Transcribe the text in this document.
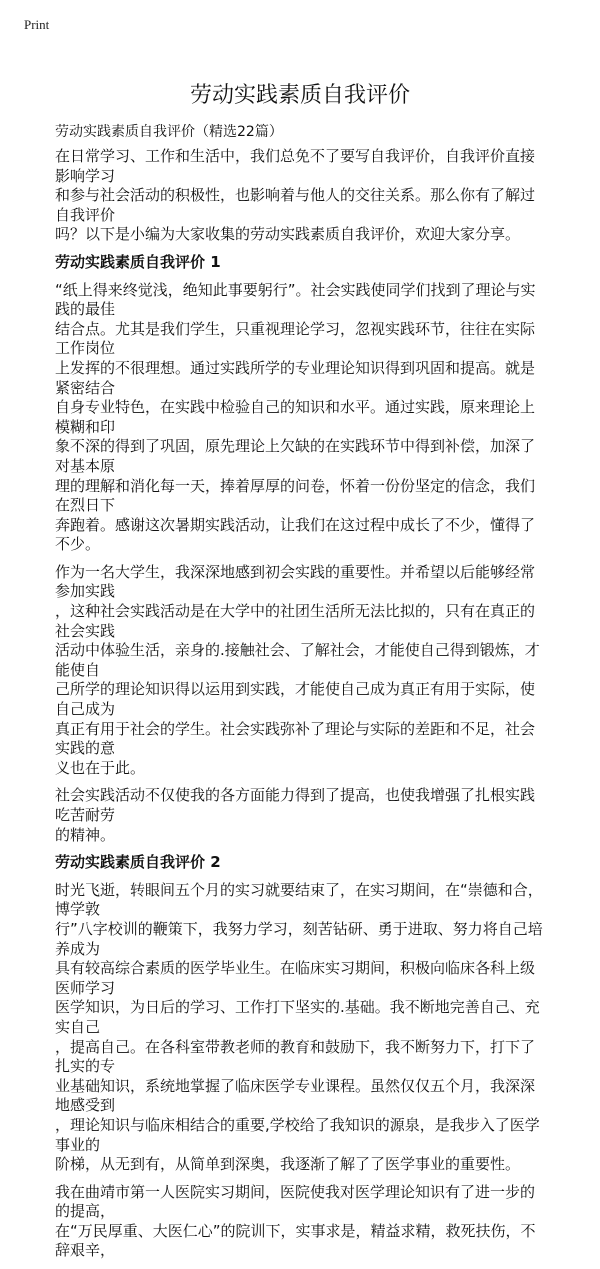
Print
劳动实践素质自我评价
劳动实践素质自我评价（精选22篇）
在日常学习、工作和生活中，我们总免不了要写自我评价，自我评价直接影响学习
和参与社会活动的积极性，也影响着与他人的交往关系。那么你有了解过自我评价
吗？以下是小编为大家收集的劳动实践素质自我评价，欢迎大家分享。
劳动实践素质自我评价 1
“纸上得来终觉浅，绝知此事要躬行”。社会实践使同学们找到了理论与实践的最佳
结合点。尤其是我们学生，只重视理论学习，忽视实践环节，往往在实际工作岗位
上发挥的不很理想。通过实践所学的专业理论知识得到巩固和提高。就是紧密结合
自身专业特色，在实践中检验自己的知识和水平。通过实践，原来理论上模糊和印
象不深的得到了巩固，原先理论上欠缺的在实践环节中得到补偿，加深了对基本原
理的理解和消化每一天，捧着厚厚的问卷，怀着一份份坚定的信念，我们在烈日下
奔跑着。感谢这次暑期实践活动，让我们在这过程中成长了不少，懂得了不少。
作为一名大学生，我深深地感到初会实践的重要性。并希望以后能够经常参加实践
，这种社会实践活动是在大学中的社团生活所无法比拟的，只有在真正的社会实践
活动中体验生活，亲身的.接触社会、了解社会，才能使自己得到锻炼，才能使自
己所学的理论知识得以运用到实践，才能使自己成为真正有用于实际，使自己成为
真正有用于社会的学生。社会实践弥补了理论与实际的差距和不足，社会实践的意
义也在于此。
社会实践活动不仅使我的各方面能力得到了提高，也使我增强了扎根实践吃苦耐劳
的精神。
劳动实践素质自我评价 2
时光飞逝，转眼间五个月的实习就要结束了，在实习期间，在“崇德和合，博学敦
行”八字校训的鞭策下，我努力学习，刻苦钻研、勇于进取、努力将自己培养成为
具有较高综合素质的医学毕业生。在临床实习期间，积极向临床各科上级医师学习
医学知识，为日后的学习、工作打下坚实的.基础。我不断地完善自己、充实自己
，提高自己。在各科室带教老师的教育和鼓励下，我不断努力下，打下了扎实的专
业基础知识，系统地掌握了临床医学专业课程。虽然仅仅五个月，我深深地感受到
，理论知识与临床相结合的重要,学校给了我知识的源泉，是我步入了医学事业的
阶梯，从无到有，从简单到深奥，我逐渐了解了了医学事业的重要性。
我在曲靖市第一人医院实习期间，医院使我对医学理论知识有了进一步的的提高，
在“万民厚重、大医仁心”的院训下，实事求是，精益求精，救死扶伤，不辞艰辛，
